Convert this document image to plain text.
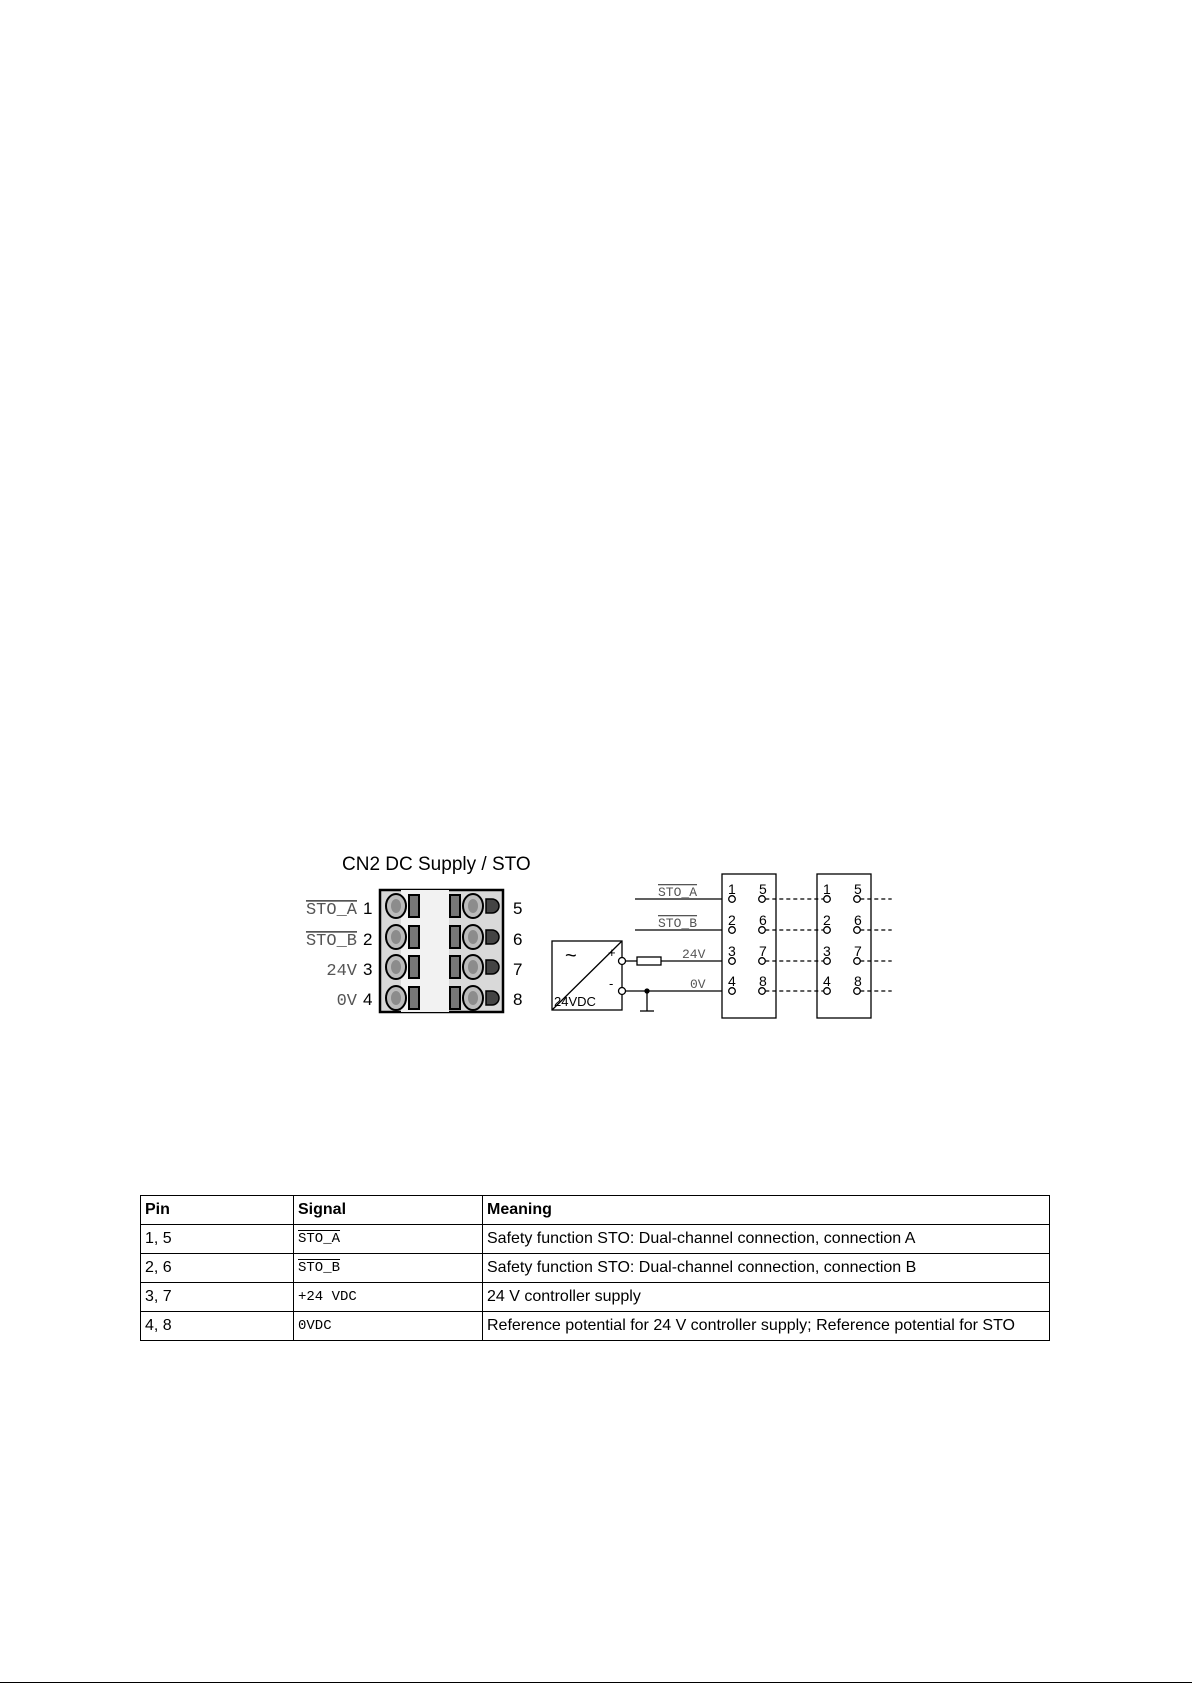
CN2 DC Supply / STO
STO_A
STO_B
24V
0V
1
2
3
4
5
6
7
8
1 5	1 5
2 6	2 6
3 7	3 7
4 8	4 8
~ +
-
24VDC
STO_A
STO_B
24V
0V
Pin	Signal	Meaning
1, 5	STO_A	Safety function STO: Dual-channel connection, connection A
2, 6	STO_B	Safety function STO: Dual-channel connection, connection B
3, 7	+24 VDC	24 V controller supply
4, 8	0VDC	Reference potential for 24 V controller supply; Reference potential for STO
